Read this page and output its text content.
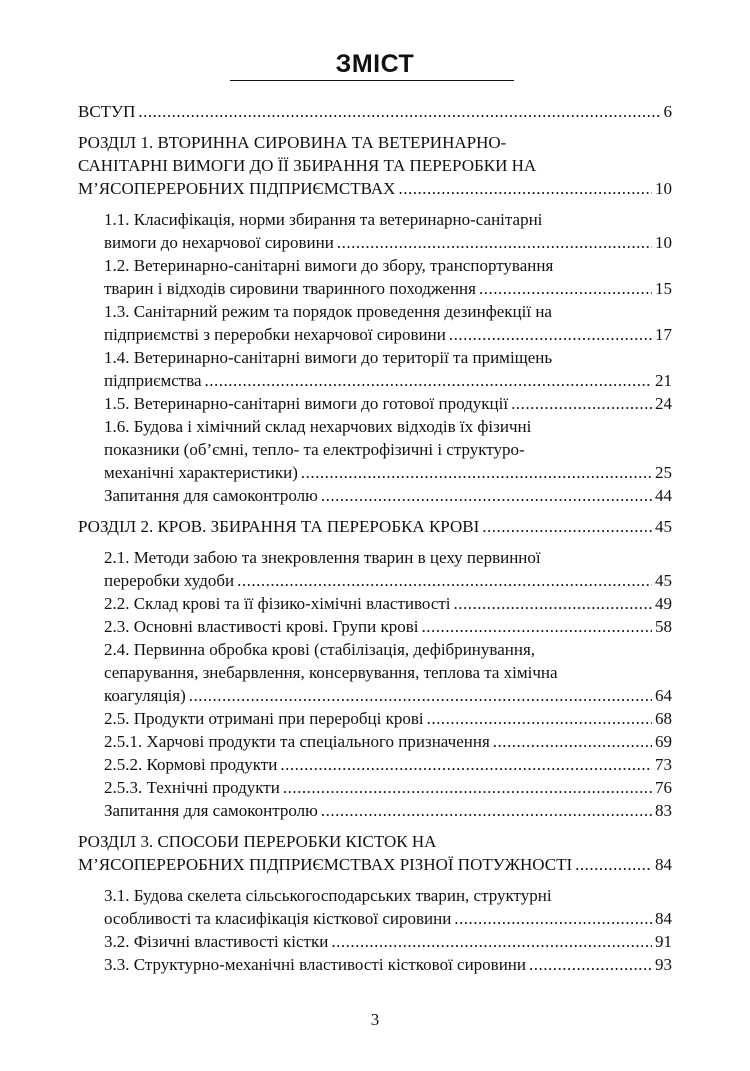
ЗМІСТ
ВСТУП .....	6
РОЗДІЛ 1. ВТОРИННА СИРОВИНА ТА ВЕТЕРИНАРНО-
САНІТАРНІ ВИМОГИ ДО ЇЇ ЗБИРАННЯ ТА ПЕРЕРОБКИ НА
М’ЯСОПЕРЕРОБНИХ ПІДПРИЄМСТВАХ .....	10
1.1. Класифікація, норми збирання та ветеринарно-санітарні
вимоги до нехарчової сировини .....	10
1.2. Ветеринарно-санітарні вимоги до збору, транспортування
тварин і відходів сировини тваринного походження .....	15
1.3. Санітарний режим та порядок проведення дезинфекції на
підприємстві з переробки нехарчової сировини .....	17
1.4. Ветеринарно-санітарні вимоги до території та приміщень
підприємства .....	21
1.5. Ветеринарно-санітарні вимоги до готової продукції .....	24
1.6. Будова і хімічний склад нехарчових відходів їх фізичні
показники (об’ємні, тепло- та електрофізичні і структуро-
механічні характеристики) .....	25
Запитання для самоконтролю .....	44
РОЗДІЛ 2. КРОВ. ЗБИРАННЯ ТА ПЕРЕРОБКА КРОВІ .....	45
2.1. Методи забою та знекровлення тварин в цеху первинної
переробки худоби .....	45
2.2. Склад крові та її фізико-хімічні властивості .....	49
2.3. Основні властивості крові. Групи крові .....	58
2.4. Первинна обробка крові (стабілізація, дефібринування,
сепарування, знебарвлення, консервування, теплова та хімічна
коагуляція) .....	64
2.5. Продукти отримані при переробці крові .....	68
2.5.1. Харчові продукти та спеціального призначення .....	69
2.5.2. Кормові продукти .....	73
2.5.3. Технічні продукти .....	76
Запитання для самоконтролю .....	83
РОЗДІЛ 3. СПОСОБИ ПЕРЕРОБКИ КІСТОК НА
М’ЯСОПЕРЕРОБНИХ ПІДПРИЄМСТВАХ РІЗНОЇ ПОТУЖНОСТІ .....	84
3.1. Будова скелета сільськогосподарських тварин, структурні
особливості та класифікація кісткової сировини .....	84
3.2. Фізичні властивості кістки .....	91
3.3. Структурно-механічні властивості кісткової сировини .....	93
3
